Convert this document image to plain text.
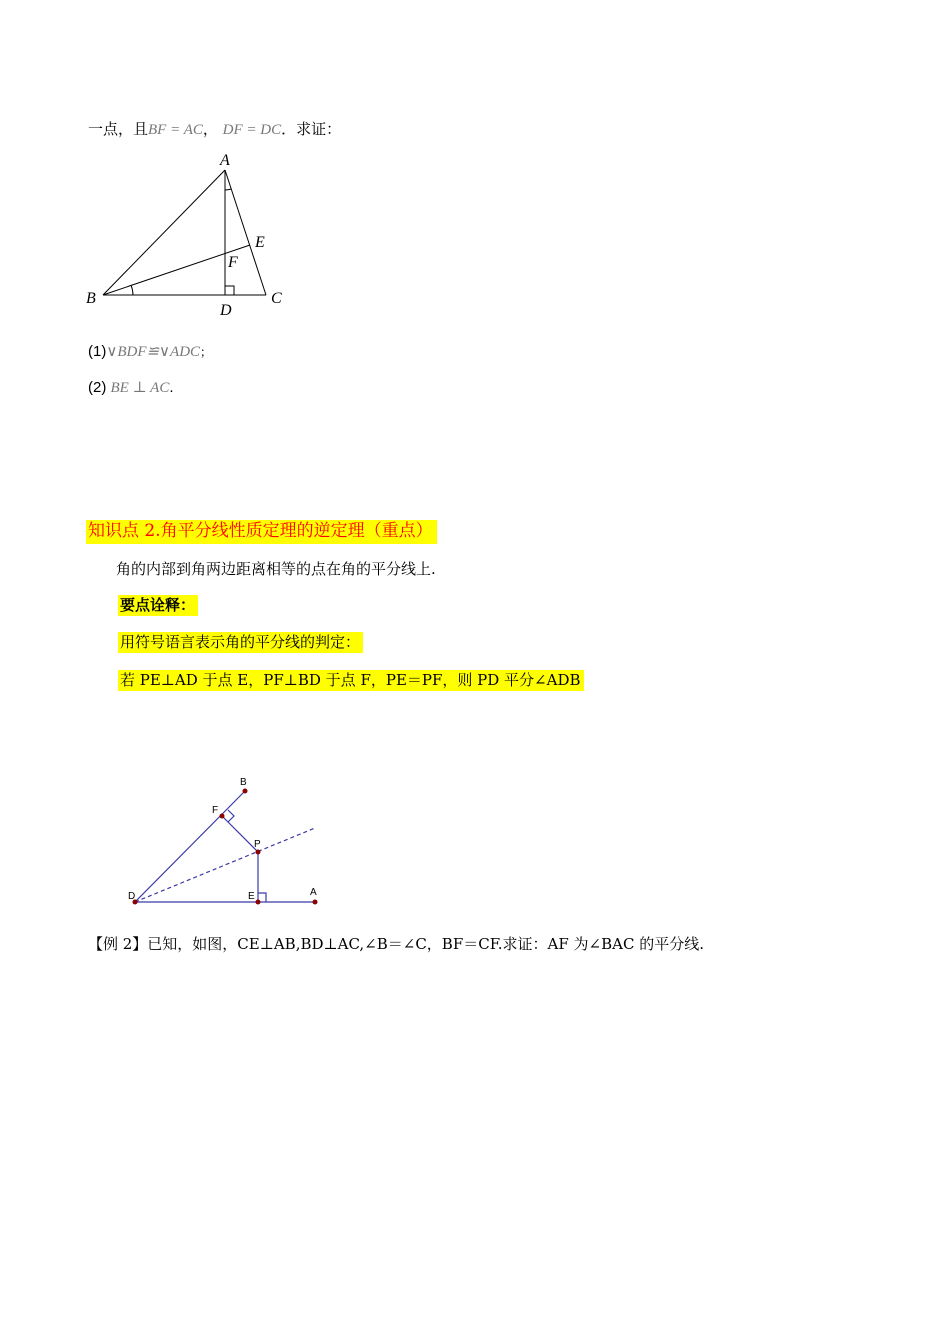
一点，且BF = AC， DF = DC．求证：
A
B	C
D
E
F
(1)∨BDF≌∨ADC；
(2) BE ⊥ AC.
知识点 2.角平分线性质定理的逆定理（重点）
角的内部到角两边距离相等的点在角的平分线上.
要点诠释：
用符号语言表示角的平分线的判定：
若 PE⊥AD 于点 E，PF⊥BD 于点 F，PE＝PF，则 PD 平分∠ADB
B
F
P
D	E	A
【例 2】已知，如图，CE⊥AB,BD⊥AC,∠B＝∠C，BF＝CF.求证：AF 为∠BAC 的平分线.
